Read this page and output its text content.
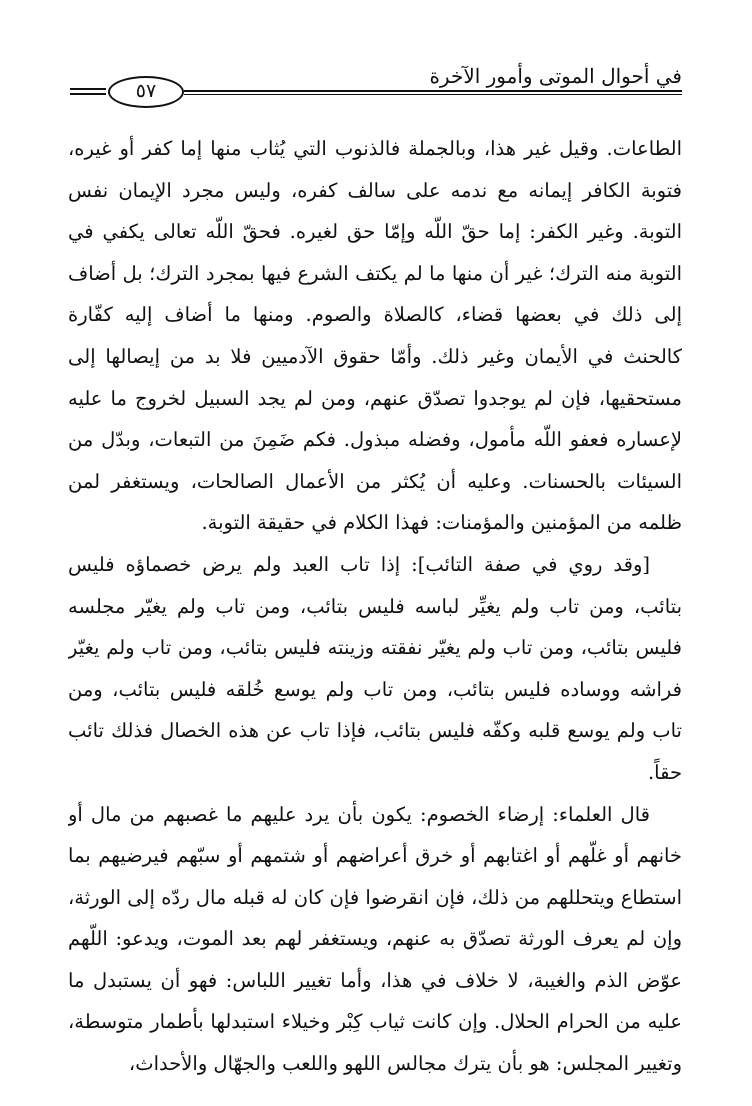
٥٧
في أحوال الموتى وأمور الآخرة

الطاعات. وقيل غير هذا، وبالجملة فالذنوب التي يُثاب منها إما كفر أو غيره، فتوبة الكافر إيمانه مع ندمه على سالف كفره، وليس مجرد الإيمان نفس التوبة. وغير الكفر: إما حقّ اللّه وإمّا حق لغيره. فحقّ اللّه تعالى يكفي في التوبة منه الترك؛ غير أن منها ما لم يكتف الشرع فيها بمجرد الترك؛ بل أضاف إلى ذلك في بعضها قضاء، كالصلاة والصوم. ومنها ما أضاف إليه كفّارة كالحنث في الأيمان وغير ذلك. وأمّا حقوق الآدميين فلا بد من إيصالها إلى مستحقيها، فإن لم يوجدوا تصدّق عنهم، ومن لم يجد السبيل لخروج ما عليه لإعساره فعفو اللّه مأمول، وفضله مبذول. فكم ضَمِنَ من التبعات، وبدّل من السيئات بالحسنات. وعليه أن يُكثر من الأعمال الصالحات، ويستغفر لمن ظلمه من المؤمنين والمؤمنات: فهذا الكلام في حقيقة التوبة.

[وقد روي في صفة التائب]: إذا تاب العبد ولم يرض خصماؤه فليس بتائب، ومن تاب ولم يغيِّر لباسه فليس بتائب، ومن تاب ولم يغيّر مجلسه فليس بتائب، ومن تاب ولم يغيّر نفقته وزينته فليس بتائب، ومن تاب ولم يغيّر فراشه ووساده فليس بتائب، ومن تاب ولم يوسع خُلقه فليس بتائب، ومن تاب ولم يوسع قلبه وكفّه فليس بتائب، فإذا تاب عن هذه الخصال فذلك تائب حقاً.

قال العلماء: إرضاء الخصوم: يكون بأن يرد عليهم ما غصبهم من مال أو خانهم أو غلّهم أو اغتابهم أو خرق أعراضهم أو شتمهم أو سبّهم فيرضيهم بما استطاع ويتحللهم من ذلك، فإن انقرضوا فإن كان له قبله مال ردّه إلى الورثة، وإن لم يعرف الورثة تصدّق به عنهم، ويستغفر لهم بعد الموت، ويدعو: اللّهم عوّض الذم والغيبة، لا خلاف في هذا، وأما تغيير اللباس: فهو أن يستبدل ما عليه من الحرام الحلال. وإن كانت ثياب كِبْر وخيلاء استبدلها بأطمار متوسطة، وتغيير المجلس: هو بأن يترك مجالس اللهو واللعب والجهّال والأحداث،
